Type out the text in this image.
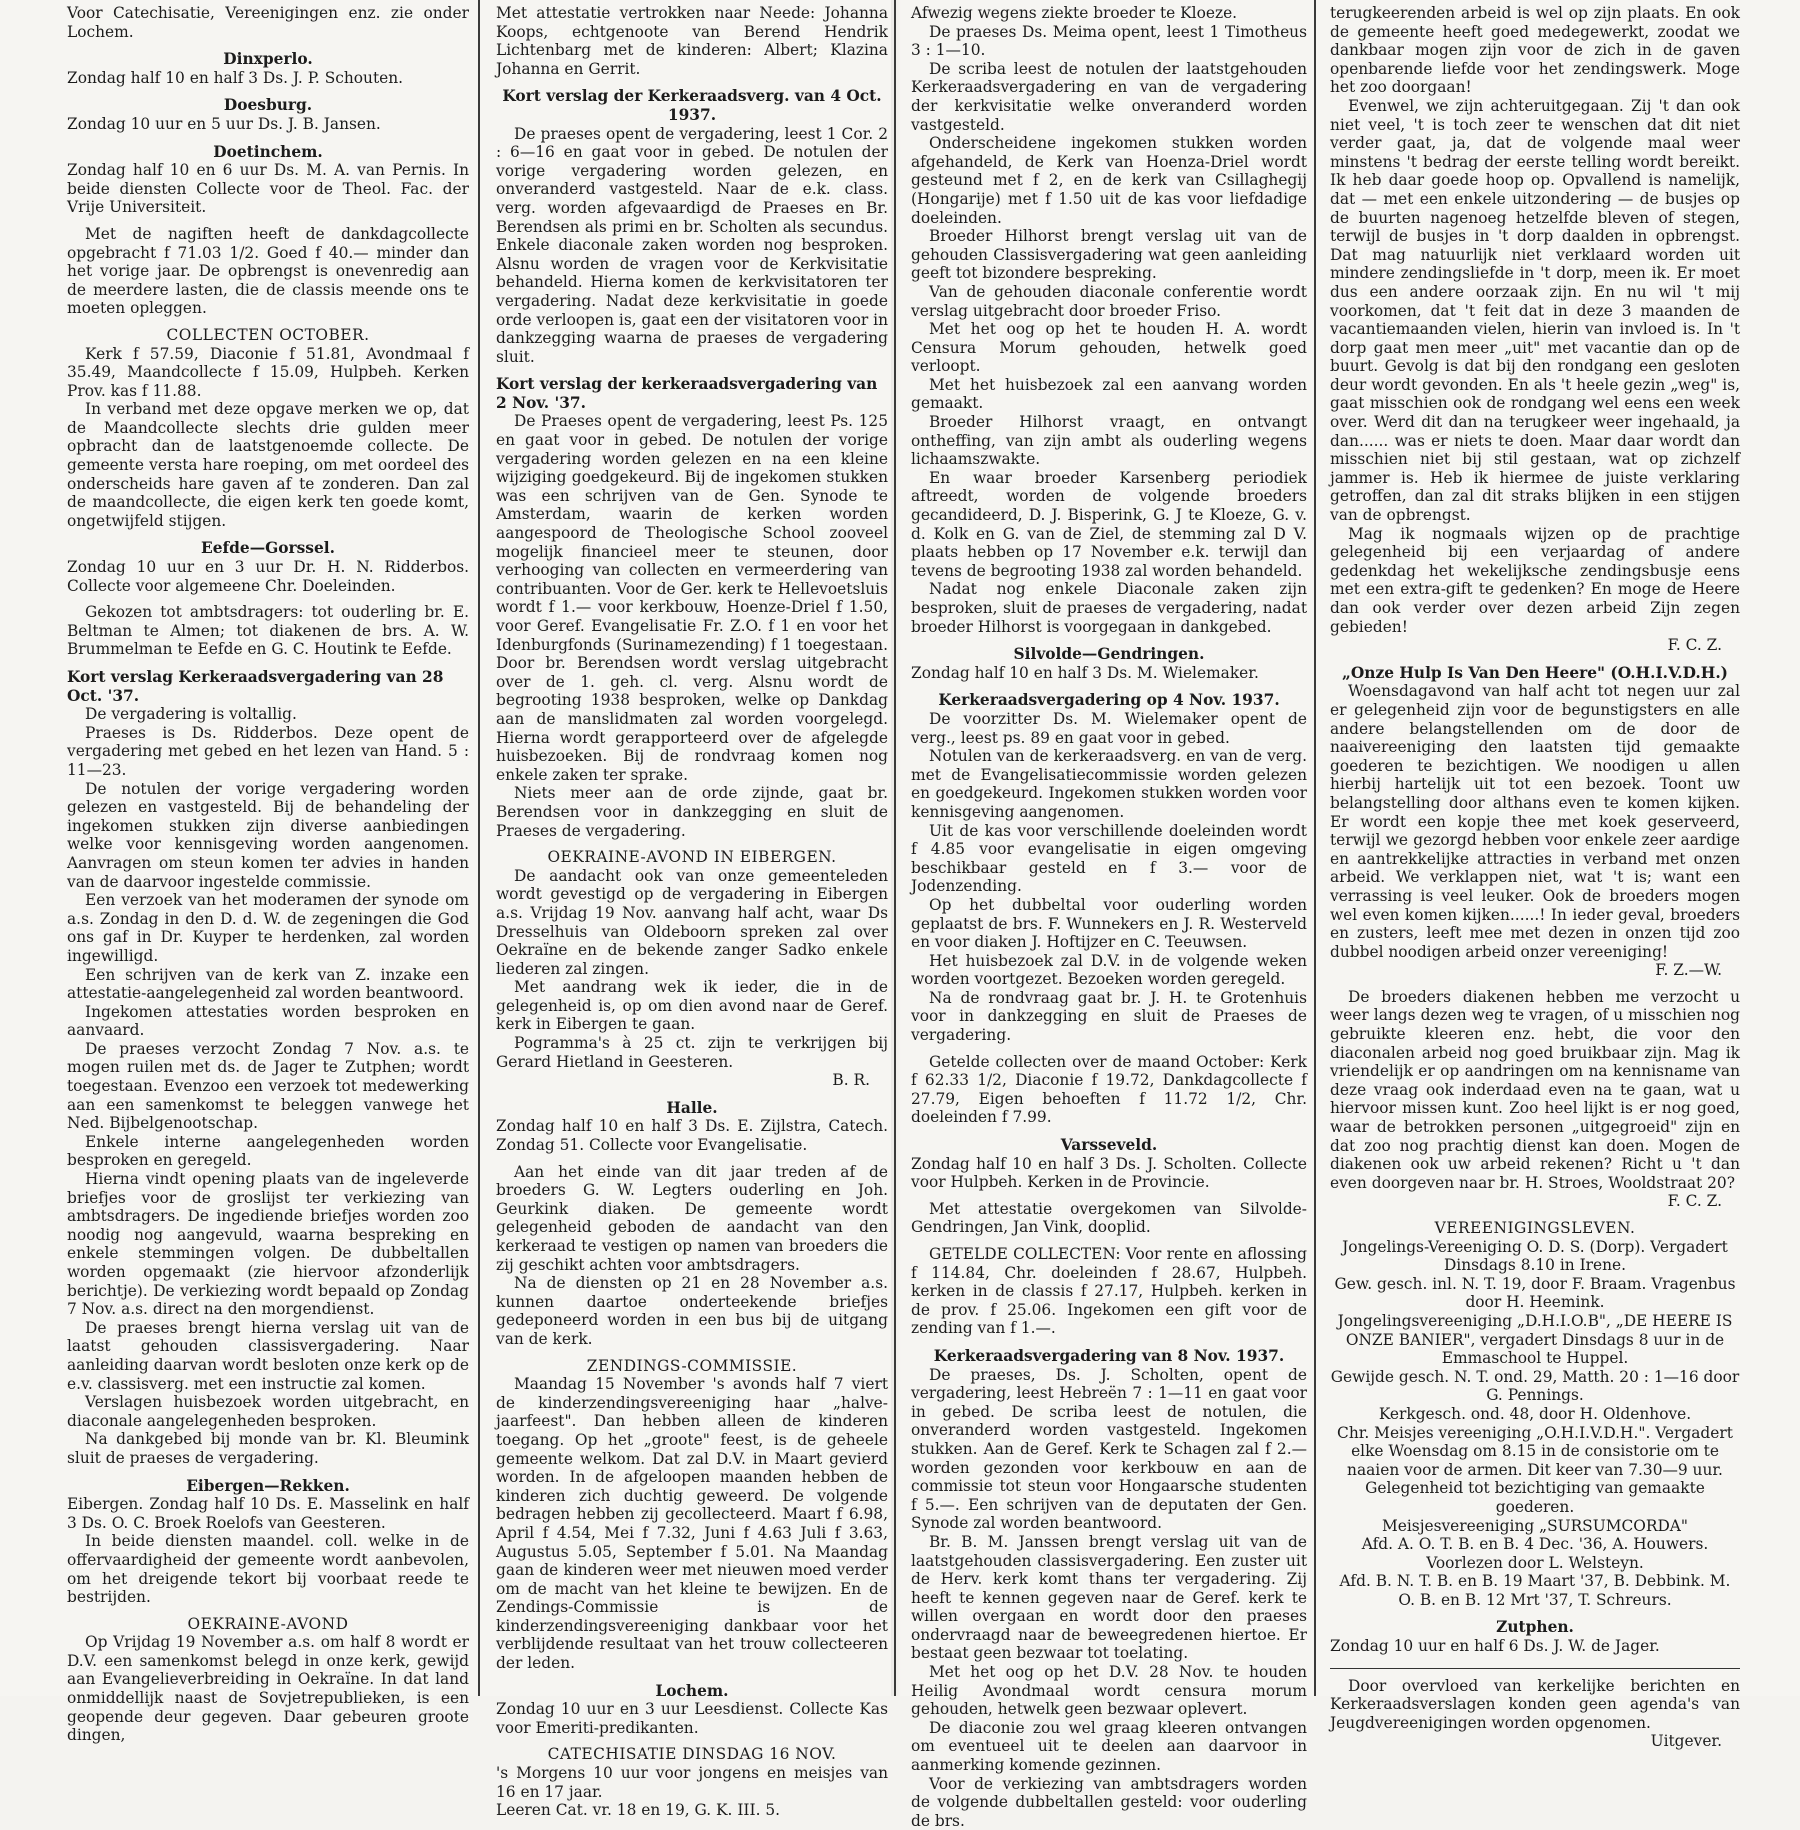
Voor Catechisatie, Vereenigingen enz. zie onder Lochem.

Dinxperlo.

Zondag half 10 en half 3 Ds. J. P. Schouten.

Doesburg.

Zondag 10 uur en 5 uur Ds. J. B. Jansen.

Doetinchem.

Zondag half 10 en 6 uur Ds. M. A. van Pernis. In beide diensten Collecte voor de Theol. Fac. der Vrije Universiteit.

Met de nagiften heeft de dankdagcollecte opgebracht f 71.03 1/2. Goed f 40.— minder dan het vorige jaar. De opbrengst is onevenredig aan de meerdere lasten, die de classis meende ons te moeten opleggen.

COLLECTEN OCTOBER.

Kerk f 57.59, Diaconie f 51.81, Avondmaal f 35.49, Maandcollecte f 15.09, Hulpbeh. Kerken Prov. kas f 11.88.

In verband met deze opgave merken we op, dat de Maandcollecte slechts drie gulden meer opbracht dan de laatstgenoemde collecte. De gemeente versta hare roeping, om met oordeel des onderscheids hare gaven af te zonderen. Dan zal de maandcollecte, die eigen kerk ten goede komt, ongetwijfeld stijgen.

Eefde—Gorssel.

Zondag 10 uur en 3 uur Dr. H. N. Ridderbos. Collecte voor algemeene Chr. Doeleinden.

Gekozen tot ambtsdragers: tot ouderling br. E. Beltman te Almen; tot diakenen de brs. A. W. Brummelman te Eefde en G. C. Houtink te Eefde.

Kort verslag Kerkeraadsvergadering van 28 Oct. '37.

De vergadering is voltallig.

Praeses is Ds. Ridderbos. Deze opent de vergadering met gebed en het lezen van Hand. 5 : 11—23.

De notulen der vorige vergadering worden gelezen en vastgesteld. Bij de behandeling der ingekomen stukken zijn diverse aanbiedingen welke voor kennisgeving worden aangenomen. Aanvragen om steun komen ter advies in handen van de daarvoor ingestelde commissie.

Een verzoek van het moderamen der synode om a.s. Zondag in den D. d. W. de zegeningen die God ons gaf in Dr. Kuyper te herdenken, zal worden ingewilligd.

Een schrijven van de kerk van Z. inzake een attestatie-aangelegenheid zal worden beantwoord.

Ingekomen attestaties worden besproken en aanvaard.

De praeses verzocht Zondag 7 Nov. a.s. te mogen ruilen met ds. de Jager te Zutphen; wordt toegestaan. Evenzoo een verzoek tot medewerking aan een samenkomst te beleggen vanwege het Ned. Bijbelgenootschap.

Enkele interne aangelegenheden worden besproken en geregeld.

Hierna vindt opening plaats van de ingeleverde briefjes voor de groslijst ter verkiezing van ambtsdragers. De ingediende briefjes worden zoo noodig nog aangevuld, waarna bespreking en enkele stemmingen volgen. De dubbeltallen worden opgemaakt (zie hiervoor afzonderlijk berichtje). De verkiezing wordt bepaald op Zondag 7 Nov. a.s. direct na den morgendienst.

De praeses brengt hierna verslag uit van de laatst gehouden classisvergadering. Naar aanleiding daarvan wordt besloten onze kerk op de e.v. classisverg. met een instructie zal komen.

Verslagen huisbezoek worden uitgebracht, en diaconale aangelegenheden besproken.

Na dankgebed bij monde van br. Kl. Bleumink sluit de praeses de vergadering.

Eibergen—Rekken.

Eibergen. Zondag half 10 Ds. E. Masselink en half 3 Ds. O. C. Broek Roelofs van Geesteren.

In beide diensten maandel. coll. welke in de offervaardigheid der gemeente wordt aanbevolen, om het dreigende tekort bij voorbaat reede te bestrijden.

OEKRAINE-AVOND

Op Vrijdag 19 November a.s. om half 8 wordt er D.V. een samenkomst belegd in onze kerk, gewijd aan Evangelieverbreiding in Oekraïne. In dat land onmiddellijk naast de Sovjetrepublieken, is een geopende deur gegeven. Daar gebeuren groote dingen,

Met attestatie vertrokken naar Neede: Johanna Koops, echtgenoote van Berend Hendrik Lichtenbarg met de kinderen: Albert; Klazina Johanna en Gerrit.

Kort verslag der Kerkeraadsverg. van 4 Oct. 1937.

De praeses opent de vergadering, leest 1 Cor. 2 : 6—16 en gaat voor in gebed. De notulen der vorige vergadering worden gelezen, en onveranderd vastgesteld. Naar de e.k. class. verg. worden afgevaardigd de Praeses en Br. Berendsen als primi en br. Scholten als secundus. Enkele diaconale zaken worden nog besproken. Alsnu worden de vragen voor de Kerkvisitatie behandeld. Hierna komen de kerkvisitatoren ter vergadering. Nadat deze kerkvisitatie in goede orde verloopen is, gaat een der visitatoren voor in dankzegging waarna de praeses de vergadering sluit.

Kort verslag der kerkeraadsvergadering van 2 Nov. '37.

De Praeses opent de vergadering, leest Ps. 125 en gaat voor in gebed. De notulen der vorige vergadering worden gelezen en na een kleine wijziging goedgekeurd. Bij de ingekomen stukken was een schrijven van de Gen. Synode te Amsterdam, waarin de kerken worden aangespoord de Theologische School zooveel mogelijk financieel meer te steunen, door verhooging van collecten en vermeerdering van contribuanten. Voor de Ger. kerk te Hellevoetsluis wordt f 1.— voor kerkbouw, Hoenze-Driel f 1.50, voor Geref. Evangelisatie Fr. Z.O. f 1 en voor het Idenburgfonds (Surinamezending) f 1 toegestaan. Door br. Berendsen wordt verslag uitgebracht over de 1. geh. cl. verg. Alsnu wordt de begrooting 1938 besproken, welke op Dankdag aan de manslidmaten zal worden voorgelegd. Hierna wordt gerapporteerd over de afgelegde huisbezoeken. Bij de rondvraag komen nog enkele zaken ter sprake.

Niets meer aan de orde zijnde, gaat br. Berendsen voor in dankzegging en sluit de Praeses de vergadering.

OEKRAINE-AVOND IN EIBERGEN.

De aandacht ook van onze gemeenteleden wordt gevestigd op de vergadering in Eibergen a.s. Vrijdag 19 Nov. aanvang half acht, waar Ds Dresselhuis van Oldeboorn spreken zal over Oekraïne en de bekende zanger Sadko enkele liederen zal zingen.

Met aandrang wek ik ieder, die in de gelegenheid is, op om dien avond naar de Geref. kerk in Eibergen te gaan.

Pogramma's à 25 ct. zijn te verkrijgen bij Gerard Hietland in Geesteren.

B. R.

Halle.

Zondag half 10 en half 3 Ds. E. Zijlstra, Catech. Zondag 51. Collecte voor Evangelisatie.

Aan het einde van dit jaar treden af de broeders G. W. Legters ouderling en Joh. Geurkink diaken. De gemeente wordt gelegenheid geboden de aandacht van den kerkeraad te vestigen op namen van broeders die zij geschikt achten voor ambtsdragers.

Na de diensten op 21 en 28 November a.s. kunnen daartoe onderteekende briefjes gedeponeerd worden in een bus bij de uitgang van de kerk.

ZENDINGS-COMMISSIE.

Maandag 15 November 's avonds half 7 viert de kinderzendingsvereeniging haar „halve-jaarfeest". Dan hebben alleen de kinderen toegang. Op het „groote" feest, is de geheele gemeente welkom. Dat zal D.V. in Maart gevierd worden. In de afgeloopen maanden hebben de kinderen zich duchtig geweerd. De volgende bedragen hebben zij gecollecteerd. Maart f 6.98, April f 4.54, Mei f 7.32, Juni f 4.63 Juli f 3.63, Augustus 5.05, September f 5.01. Na Maandag gaan de kinderen weer met nieuwen moed verder om de macht van het kleine te bewijzen. En de Zendings-Commissie is de kinderzendingsvereeniging dankbaar voor het verblijdende resultaat van het trouw collecteeren der leden.

Lochem.

Zondag 10 uur en 3 uur Leesdienst. Collecte Kas voor Emeriti-predikanten.

CATECHISATIE DINSDAG 16 NOV.

's Morgens 10 uur voor jongens en meisjes van 16 en 17 jaar.

Leeren Cat. vr. 18 en 19, G. K. III. 5.

Afwezig wegens ziekte broeder te Kloeze.

De praeses Ds. Meima opent, leest 1 Timotheus 3 : 1—10.

De scriba leest de notulen der laatstgehouden Kerkeraadsvergadering en van de vergadering der kerkvisitatie welke onveranderd worden vastgesteld.

Onderscheidene ingekomen stukken worden afgehandeld, de Kerk van Hoenza-Driel wordt gesteund met f 2, en de kerk van Csillaghegij (Hongarije) met f 1.50 uit de kas voor liefdadige doeleinden.

Broeder Hilhorst brengt verslag uit van de gehouden Classisvergadering wat geen aanleiding geeft tot bizondere bespreking.

Van de gehouden diaconale conferentie wordt verslag uitgebracht door broeder Friso.

Met het oog op het te houden H. A. wordt Censura Morum gehouden, hetwelk goed verloopt.

Met het huisbezoek zal een aanvang worden gemaakt.

Broeder Hilhorst vraagt, en ontvangt ontheffing, van zijn ambt als ouderling wegens lichaamszwakte.

En waar broeder Karsenberg periodiek aftreedt, worden de volgende broeders gecandideerd, D. J. Bisperink, G. J te Kloeze, G. v. d. Kolk en G. van de Ziel, de stemming zal D V. plaats hebben op 17 November e.k. terwijl dan tevens de begrooting 1938 zal worden behandeld.

Nadat nog enkele Diaconale zaken zijn besproken, sluit de praeses de vergadering, nadat broeder Hilhorst is voorgegaan in dankgebed.

Silvolde—Gendringen.

Zondag half 10 en half 3 Ds. M. Wielemaker.

Kerkeraadsvergadering op 4 Nov. 1937.

De voorzitter Ds. M. Wielemaker opent de verg., leest ps. 89 en gaat voor in gebed.

Notulen van de kerkeraadsverg. en van de verg. met de Evangelisatiecommissie worden gelezen en goedgekeurd. Ingekomen stukken worden voor kennisgeving aangenomen.

Uit de kas voor verschillende doeleinden wordt f 4.85 voor evangelisatie in eigen omgeving beschikbaar gesteld en f 3.— voor de Jodenzending.

Op het dubbeltal voor ouderling worden geplaatst de brs. F. Wunnekers en J. R. Westerveld en voor diaken J. Hoftijzer en C. Teeuwsen.

Het huisbezoek zal D.V. in de volgende weken worden voortgezet. Bezoeken worden geregeld.

Na de rondvraag gaat br. J. H. te Grotenhuis voor in dankzegging en sluit de Praeses de vergadering.

Getelde collecten over de maand October: Kerk f 62.33 1/2, Diaconie f 19.72, Dankdagcollecte f 27.79, Eigen behoeften f 11.72 1/2, Chr. doeleinden f 7.99.

Varsseveld.

Zondag half 10 en half 3 Ds. J. Scholten. Collecte voor Hulpbeh. Kerken in de Provincie.

Met attestatie overgekomen van Silvolde-Gendringen, Jan Vink, dooplid.

GETELDE COLLECTEN: Voor rente en aflossing f 114.84, Chr. doeleinden f 28.67, Hulpbeh. kerken in de classis f 27.17, Hulpbeh. kerken in de prov. f 25.06. Ingekomen een gift voor de zending van f 1.—.

Kerkeraadsvergadering van 8 Nov. 1937.

De praeses, Ds. J. Scholten, opent de vergadering, leest Hebreën 7 : 1—11 en gaat voor in gebed. De scriba leest de notulen, die onveranderd worden vastgesteld. Ingekomen stukken. Aan de Geref. Kerk te Schagen zal f 2.— worden gezonden voor kerkbouw en aan de commissie tot steun voor Hongaarsche studenten f 5.—. Een schrijven van de deputaten der Gen. Synode zal worden beantwoord.

Br. B. M. Janssen brengt verslag uit van de laatstgehouden classisvergadering. Een zuster uit de Herv. kerk komt thans ter vergadering. Zij heeft te kennen gegeven naar de Geref. kerk te willen overgaan en wordt door den praeses ondervraagd naar de beweegredenen hiertoe. Er bestaat geen bezwaar tot toelating.

Met het oog op het D.V. 28 Nov. te houden Heilig Avondmaal wordt censura morum gehouden, hetwelk geen bezwaar oplevert.

De diaconie zou wel graag kleeren ontvangen om eventueel uit te deelen aan daarvoor in aanmerking komende gezinnen.

Voor de verkiezing van ambtsdragers worden de volgende dubbeltallen gesteld: voor ouderling de brs.

terugkeerenden arbeid is wel op zijn plaats. En ook de gemeente heeft goed medegewerkt, zoodat we dankbaar mogen zijn voor de zich in de gaven openbarende liefde voor het zendingswerk. Moge het zoo doorgaan!

Evenwel, we zijn achteruitgegaan. Zij 't dan ook niet veel, 't is toch zeer te wenschen dat dit niet verder gaat, ja, dat de volgende maal weer minstens 't bedrag der eerste telling wordt bereikt. Ik heb daar goede hoop op. Opvallend is namelijk, dat — met een enkele uitzondering — de busjes op de buurten nagenoeg hetzelfde bleven of stegen, terwijl de busjes in 't dorp daalden in opbrengst. Dat mag natuurlijk niet verklaard worden uit mindere zendingsliefde in 't dorp, meen ik. Er moet dus een andere oorzaak zijn. En nu wil 't mij voorkomen, dat 't feit dat in deze 3 maanden de vacantiemaanden vielen, hierin van invloed is. In 't dorp gaat men meer „uit" met vacantie dan op de buurt. Gevolg is dat bij den rondgang een gesloten deur wordt gevonden. En als 't heele gezin „weg" is, gaat misschien ook de rondgang wel eens een week over. Werd dit dan na terugkeer weer ingehaald, ja dan...... was er niets te doen. Maar daar wordt dan misschien niet bij stil gestaan, wat op zichzelf jammer is. Heb ik hiermee de juiste verklaring getroffen, dan zal dit straks blijken in een stijgen van de opbrengst.

Mag ik nogmaals wijzen op de prachtige gelegenheid bij een verjaardag of andere gedenkdag het wekelijksche zendingsbusje eens met een extra-gift te gedenken? En moge de Heere dan ook verder over dezen arbeid Zijn zegen gebieden!

F. C. Z.

„Onze Hulp Is Van Den Heere" (O.H.I.V.D.H.)

Woensdagavond van half acht tot negen uur zal er gelegenheid zijn voor de begunstigsters en alle andere belangstellenden om de door de naaivereeniging den laatsten tijd gemaakte goederen te bezichtigen. We noodigen u allen hierbij hartelijk uit tot een bezoek. Toont uw belangstelling door althans even te komen kijken. Er wordt een kopje thee met koek geserveerd, terwijl we gezorgd hebben voor enkele zeer aardige en aantrekkelijke attracties in verband met onzen arbeid. We verklappen niet, wat 't is; want een verrassing is veel leuker. Ook de broeders mogen wel even komen kijken......! In ieder geval, broeders en zusters, leeft mee met dezen in onzen tijd zoo dubbel noodigen arbeid onzer vereeniging!

F. Z.—W.

De broeders diakenen hebben me verzocht u weer langs dezen weg te vragen, of u misschien nog gebruikte kleeren enz. hebt, die voor den diaconalen arbeid nog goed bruikbaar zijn. Mag ik vriendelijk er op aandringen om na kennisname van deze vraag ook inderdaad even na te gaan, wat u hiervoor missen kunt. Zoo heel lijkt is er nog goed, waar de betrokken personen „uitgegroeid" zijn en dat zoo nog prachtig dienst kan doen. Mogen de diakenen ook uw arbeid rekenen? Richt u 't dan even doorgeven naar br. H. Stroes, Wooldstraat 20?

F. C. Z.

VEREENIGINGSLEVEN.

Jongelings-Vereeniging O. D. S. (Dorp). Vergadert Dinsdags 8.10 in Irene.

Gew. gesch. inl. N. T. 19, door F. Braam. Vragenbus door H. Heemink.

Jongelingsvereeniging „D.H.I.O.B", „DE HEERE IS ONZE BANIER", vergadert Dinsdags 8 uur in de Emmaschool te Huppel.

Gewijde gesch. N. T. ond. 29, Matth. 20 : 1—16 door G. Pennings.

Kerkgesch. ond. 48, door H. Oldenhove.

Chr. Meisjes vereeniging „O.H.I.V.D.H.". Vergadert elke Woensdag om 8.15 in de consistorie om te naaien voor de armen. Dit keer van 7.30—9 uur. Gelegenheid tot bezichtiging van gemaakte goederen.

Meisjesvereeniging „SURSUMCORDA"

Afd. A. O. T. B. en B. 4 Dec. '36, A. Houwers. Voorlezen door L. Welsteyn.

Afd. B. N. T. B. en B. 19 Maart '37, B. Debbink. M. O. B. en B. 12 Mrt '37, T. Schreurs.

Zutphen.

Zondag 10 uur en half 6 Ds. J. W. de Jager.

Door overvloed van kerkelijke berichten en Kerkeraadsverslagen konden geen agenda's van Jeugdvereenigingen worden opgenomen.

Uitgever.
